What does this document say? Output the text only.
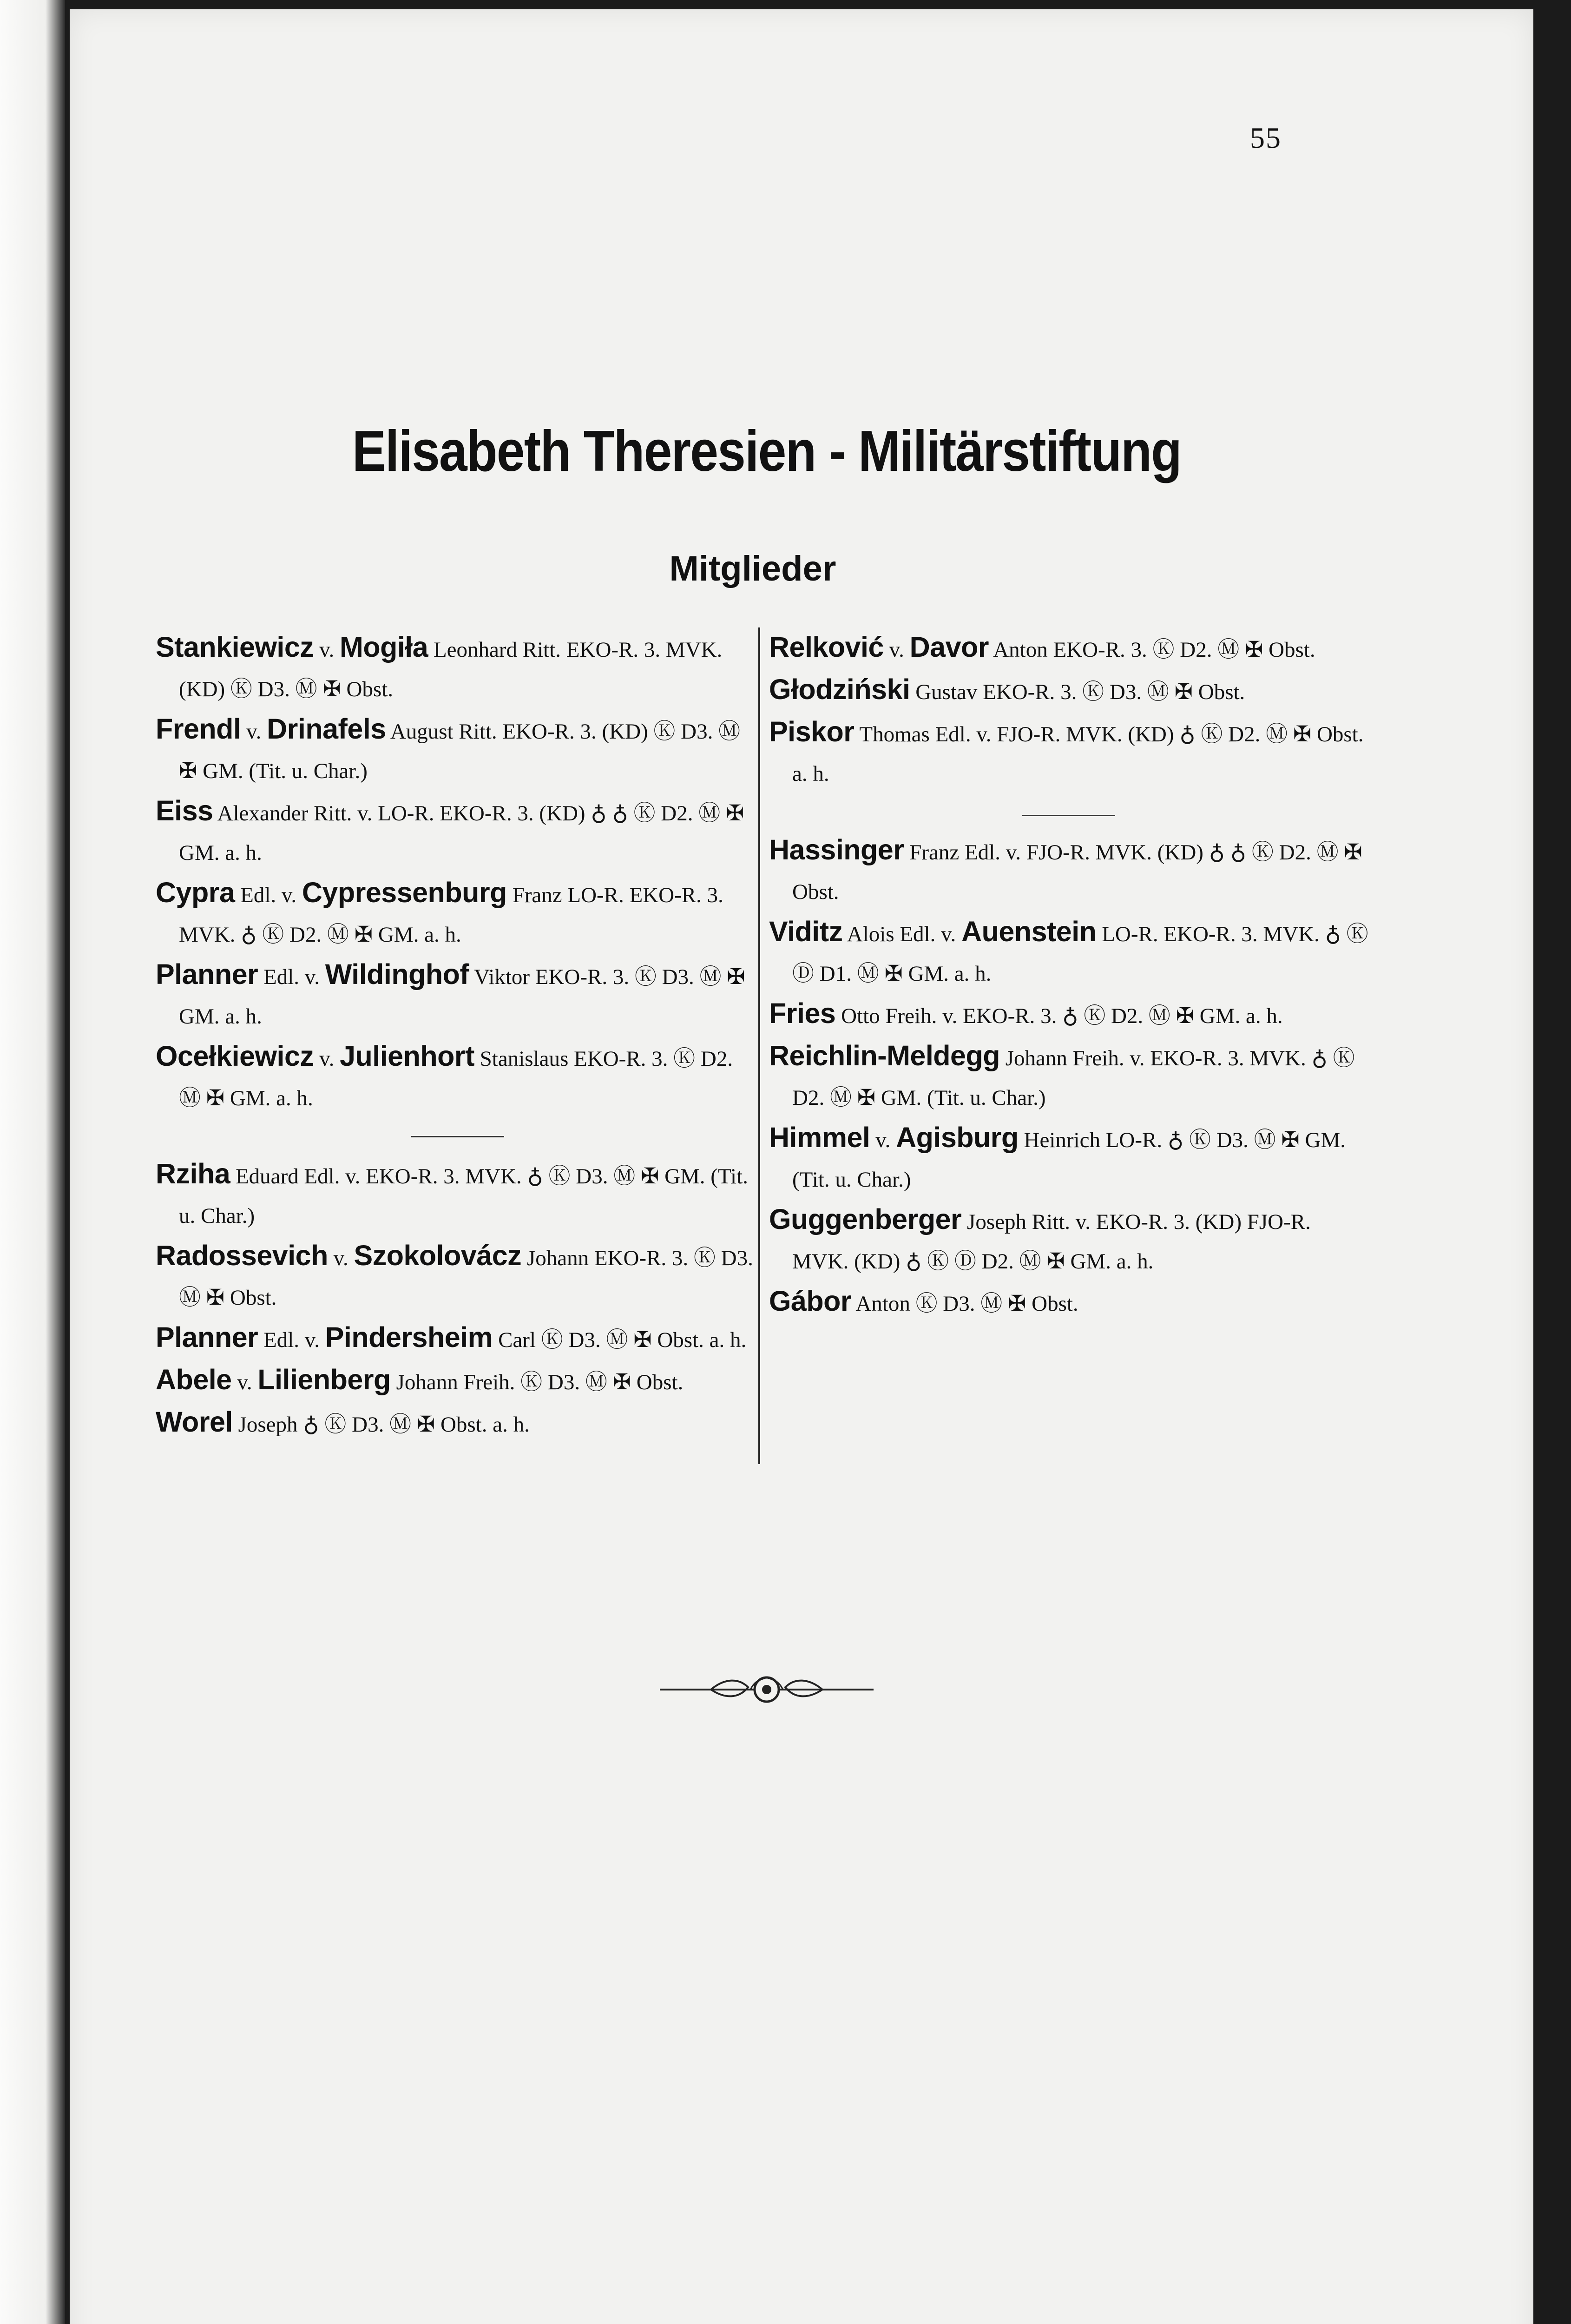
55
Elisabeth Theresien - Militärstiftung
Mitglieder

Stankiewicz v. Mogiła Leonhard Ritt. EKO-R. 3. MVK. (KD) Ⓚ D3. Ⓜ ✠ Obst.

Frendl v. Drinafels August Ritt. EKO-R. 3. (KD) Ⓚ D3. Ⓜ ✠ GM. (Tit. u. Char.)

Eiss Alexander Ritt. v. LO-R. EKO-R. 3. (KD) ♁ ♁ Ⓚ D2. Ⓜ ✠ GM. a. h.

Cypra Edl. v. Cypressenburg Franz LO-R. EKO-R. 3. MVK. ♁ Ⓚ D2. Ⓜ ✠ GM. a. h.

Planner Edl. v. Wildinghof Viktor EKO-R. 3. Ⓚ D3. Ⓜ ✠ GM. a. h.

Ocełkiewicz v. Julienhort Stanislaus EKO-R. 3. Ⓚ D2. Ⓜ ✠ GM. a. h.

Rziha Eduard Edl. v. EKO-R. 3. MVK. ♁ Ⓚ D3. Ⓜ ✠ GM. (Tit. u. Char.)

Radossevich v. Szokolovácz Johann EKO-R. 3. Ⓚ D3. Ⓜ ✠ Obst.

Planner Edl. v. Pindersheim Carl Ⓚ D3. Ⓜ ✠ Obst. a. h.

Abele v. Lilienberg Johann Freih. Ⓚ D3. Ⓜ ✠ Obst.

Worel Joseph ♁ Ⓚ D3. Ⓜ ✠ Obst. a. h.

Relković v. Davor Anton EKO-R. 3. Ⓚ D2. Ⓜ ✠ Obst.

Głodziński Gustav EKO-R. 3. Ⓚ D3. Ⓜ ✠ Obst.

Piskor Thomas Edl. v. FJO-R. MVK. (KD) ♁ Ⓚ D2. Ⓜ ✠ Obst. a. h.

Hassinger Franz Edl. v. FJO-R. MVK. (KD) ♁ ♁ Ⓚ D2. Ⓜ ✠ Obst.

Viditz Alois Edl. v. Auenstein LO-R. EKO-R. 3. MVK. ♁ Ⓚ Ⓓ D1. Ⓜ ✠ GM. a. h.

Fries Otto Freih. v. EKO-R. 3. ♁ Ⓚ D2. Ⓜ ✠ GM. a. h.

Reichlin-Meldegg Johann Freih. v. EKO-R. 3. MVK. ♁ Ⓚ D2. Ⓜ ✠ GM. (Tit. u. Char.)

Himmel v. Agisburg Heinrich LO-R. ♁ Ⓚ D3. Ⓜ ✠ GM. (Tit. u. Char.)

Guggenberger Joseph Ritt. v. EKO-R. 3. (KD) FJO-R. MVK. (KD) ♁ Ⓚ Ⓓ D2. Ⓜ ✠ GM. a. h.

Gábor Anton Ⓚ D3. Ⓜ ✠ Obst.
